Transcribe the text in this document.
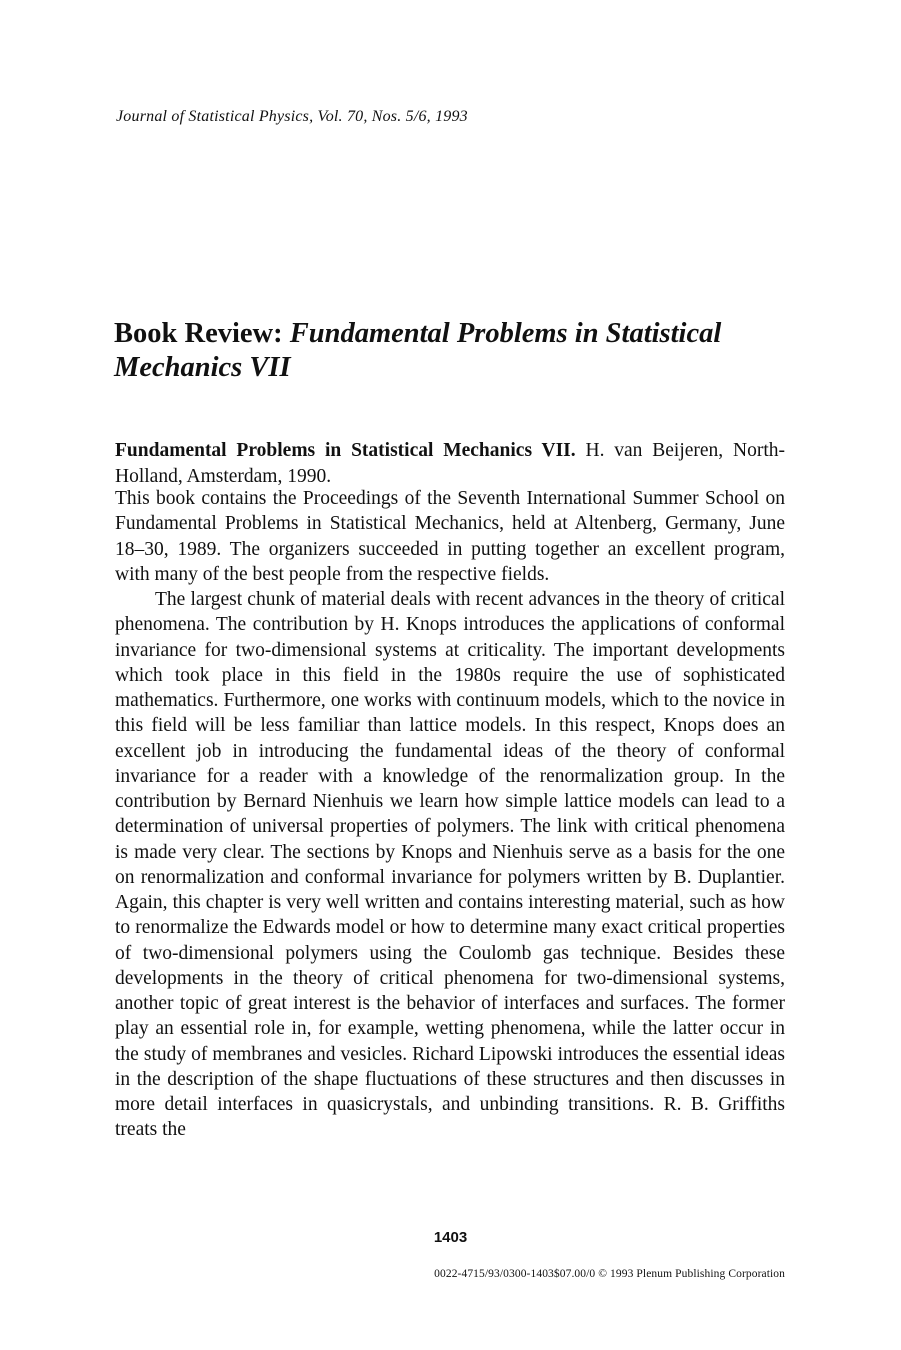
Journal of Statistical Physics, Vol. 70, Nos. 5/6, 1993
Book Review: Fundamental Problems in Statistical Mechanics VII
Fundamental Problems in Statistical Mechanics VII. H. van Beijeren, North-Holland, Amsterdam, 1990.

This book contains the Proceedings of the Seventh International Summer School on Fundamental Problems in Statistical Mechanics, held at Altenberg, Germany, June 18–30, 1989. The organizers succeeded in putting together an excellent program, with many of the best people from the respective fields.

The largest chunk of material deals with recent advances in the theory of critical phenomena. The contribution by H. Knops introduces the applications of conformal invariance for two-dimensional systems at criticality. The important developments which took place in this field in the 1980s require the use of sophisticated mathematics. Furthermore, one works with continuum models, which to the novice in this field will be less familiar than lattice models. In this respect, Knops does an excellent job in introducing the fundamental ideas of the theory of conformal invariance for a reader with a knowledge of the renormalization group. In the contribution by Bernard Nienhuis we learn how simple lattice models can lead to a determination of universal properties of polymers. The link with critical phenomena is made very clear. The sections by Knops and Nienhuis serve as a basis for the one on renormalization and conformal invariance for polymers written by B. Duplantier. Again, this chapter is very well written and contains interesting material, such as how to renormalize the Edwards model or how to determine many exact critical properties of two-dimensional polymers using the Coulomb gas technique. Besides these developments in the theory of critical phenomena for two-dimensional systems, another topic of great interest is the behavior of interfaces and surfaces. The former play an essential role in, for example, wetting phenomena, while the latter occur in the study of membranes and vesicles. Richard Lipowski introduces the essential ideas in the description of the shape fluctuations of these structures and then discusses in more detail interfaces in quasicrystals, and unbinding transitions. R. B. Griffiths treats the

1403
0022-4715/93/0300-1403$07.00/0 © 1993 Plenum Publishing Corporation
